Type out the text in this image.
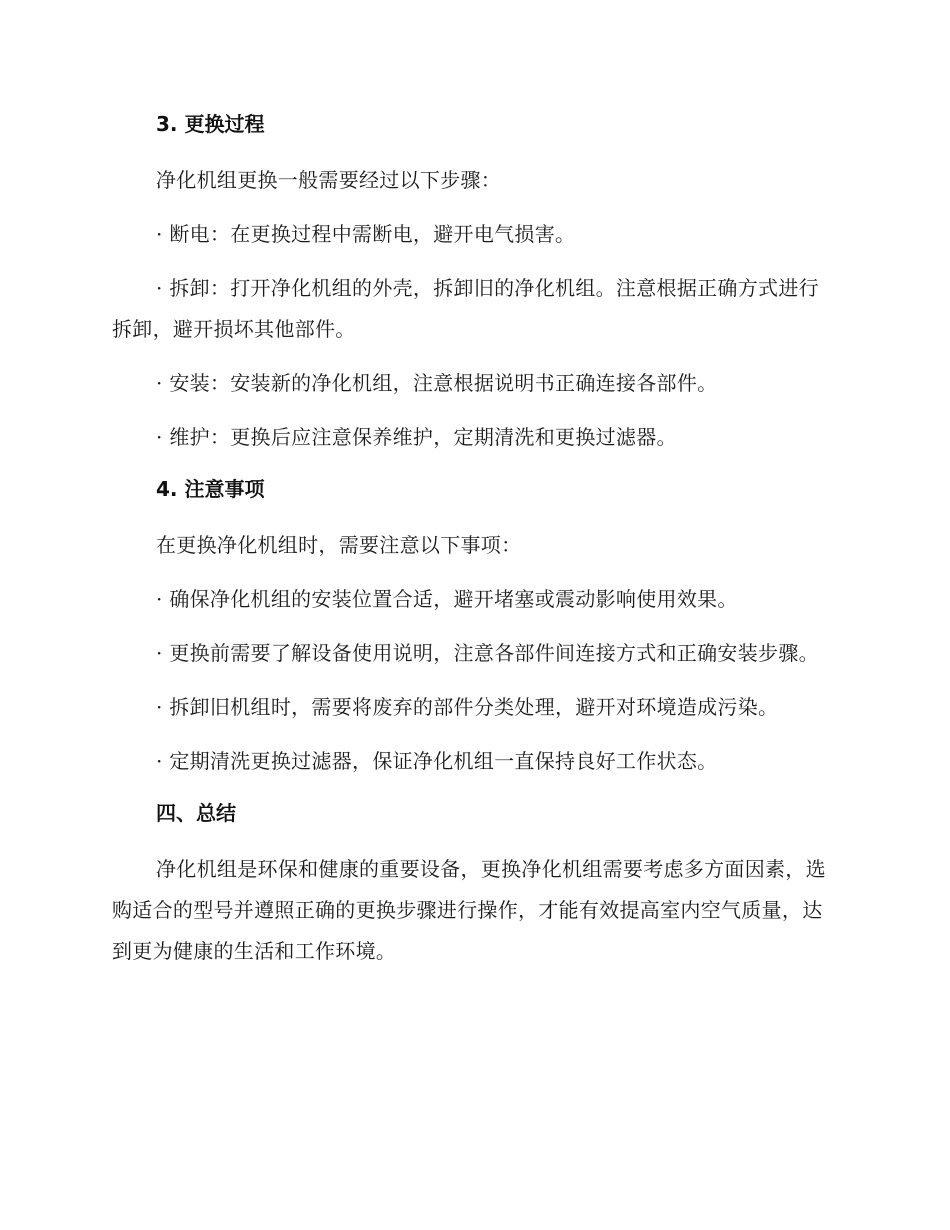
3. 更换过程

净化机组更换一般需要经过以下步骤：

· 断电：在更换过程中需断电，避开电气损害。

· 拆卸：打开净化机组的外壳，拆卸旧的净化机组。注意根据正确方式进行拆卸，避开损坏其他部件。

· 安装：安装新的净化机组，注意根据说明书正确连接各部件。

· 维护：更换后应注意保养维护，定期清洗和更换过滤器。

4. 注意事项

在更换净化机组时，需要注意以下事项：

· 确保净化机组的安装位置合适，避开堵塞或震动影响使用效果。

· 更换前需要了解设备使用说明，注意各部件间连接方式和正确安装步骤。

· 拆卸旧机组时，需要将废弃的部件分类处理，避开对环境造成污染。

· 定期清洗更换过滤器，保证净化机组一直保持良好工作状态。

四、总结

净化机组是环保和健康的重要设备，更换净化机组需要考虑多方面因素，选购适合的型号并遵照正确的更换步骤进行操作，才能有效提高室内空气质量，达到更为健康的生活和工作环境。
